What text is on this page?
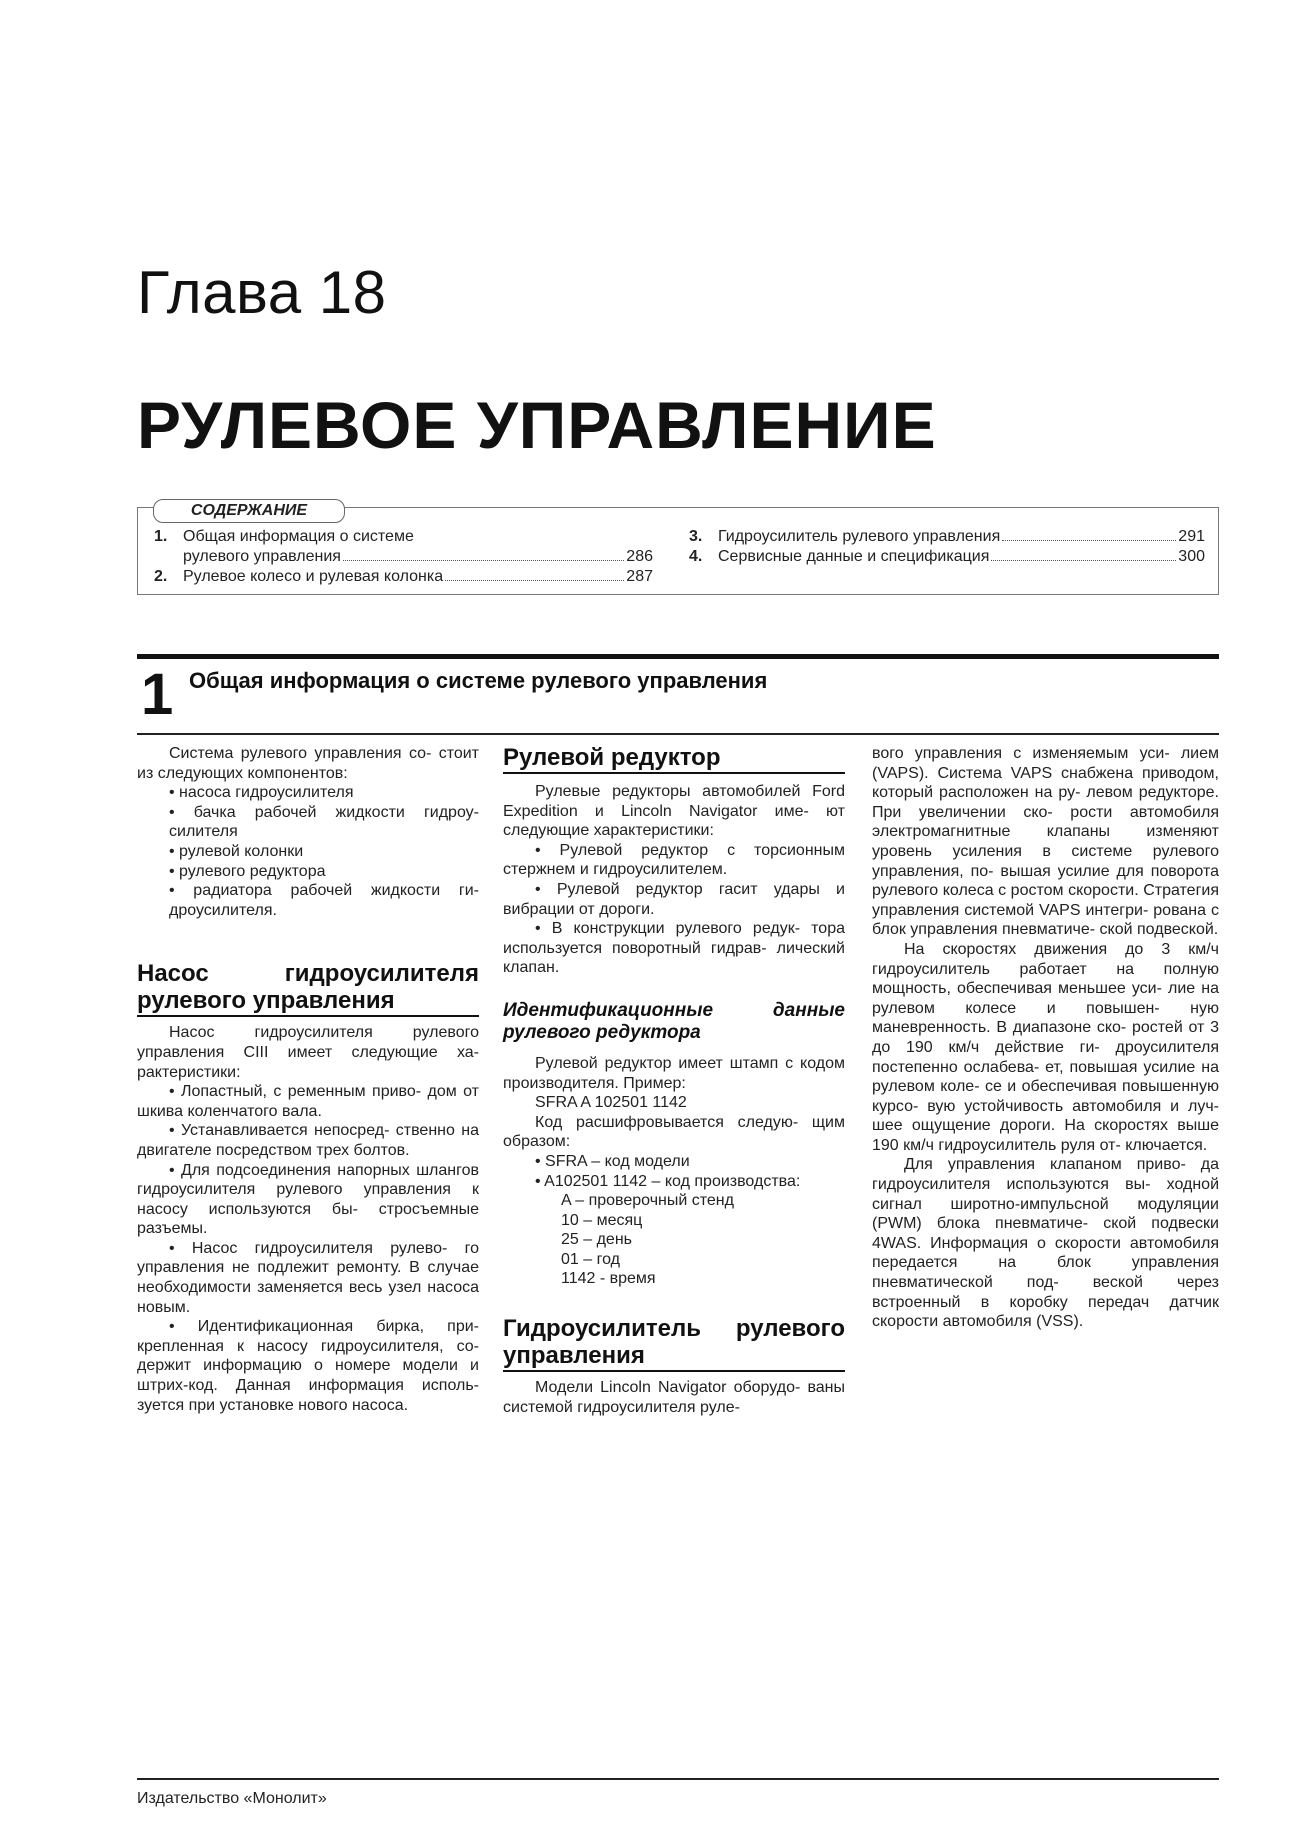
Глава 18
РУЛЕВОЕ УПРАВЛЕНИЕ
СОДЕРЖАНИЕ
1. Общая информация о системе
рулевого управления	286
2. Рулевое колесо и рулевая колонка	287
3. Гидроусилитель рулевого управления	291
4. Сервисные данные и спецификация	300
1 Общая информация о системе рулевого управления

Система рулевого управления со- стоит из следующих компонентов:

• насоса гидроусилителя

• бачка рабочей жидкости гидроу- силителя

• рулевой колонки

• рулевого редуктора

• радиатора рабочей жидкости ги- дроусилителя.

Насос гидроусилителя рулевого управления

Насос гидроусилителя рулевого управления CIII имеет следующие ха- рактеристики:

• Лопастный, с ременным приво- дом от шкива коленчатого вала.

• Устанавливается непосред- ственно на двигателе посредством трех болтов.

• Для подсоединения напорных шлангов гидроусилителя рулевого управления к насосу используются бы- стросъемные разъемы.

• Насос гидроусилителя рулево- го управления не подлежит ремонту. В случае необходимости заменяется весь узел насоса новым.

• Идентификационная бирка, при- крепленная к насосу гидроусилителя, со- держит информацию о номере модели и штрих-код. Данная информация исполь- зуется при установке нового насоса.

Рулевой редуктор

Рулевые редукторы автомобилей Ford Expedition и Lincoln Navigator име- ют следующие характеристики:

• Рулевой редуктор с торсионным стержнем и гидроусилителем.

• Рулевой редуктор гасит удары и вибрации от дороги.

• В конструкции рулевого редук- тора используется поворотный гидрав- лический клапан.

Идентификационные данные рулевого редуктора

Рулевой редуктор имеет штамп с кодом производителя. Пример:

SFRA A 102501 1142

Код расшифровывается следую- щим образом:

• SFRA – код модели

• A102501 1142 – код производства:

A – проверочный стенд

10 – месяц

25 – день

01 – год

1142 - время

Гидроусилитель рулевого управления

Модели Lincoln Navigator оборудо- ваны системой гидроусилителя руле-

вого управления с изменяемым уси- лием (VAPS). Система VAPS снабжена приводом, который расположен на ру- левом редукторе. При увеличении ско- рости автомобиля электромагнитные клапаны изменяют уровень усиления в системе рулевого управления, по- вышая усилие для поворота рулевого колеса с ростом скорости. Стратегия управления системой VAPS интегри- рована с блок управления пневматиче- ской подвеской.

На скоростях движения до 3 км/ч гидроусилитель работает на полную мощность, обеспечивая меньшее уси- лие на рулевом колесе и повышен- ную маневренность. В диапазоне ско- ростей от 3 до 190 км/ч действие ги- дроусилителя постепенно ослабева- ет, повышая усилие на рулевом коле- се и обеспечивая повышенную курсо- вую устойчивость автомобиля и луч- шее ощущение дороги. На скоростях выше 190 км/ч гидроусилитель руля от- ключается.

Для управления клапаном приво- да гидроусилителя используются вы- ходной сигнал широтно-импульсной модуляции (PWM) блока пневматиче- ской подвески 4WAS. Информация о скорости автомобиля передается на блок управления пневматической под- веской через встроенный в коробку передач датчик скорости автомобиля (VSS).

Издательство «Монолит»
